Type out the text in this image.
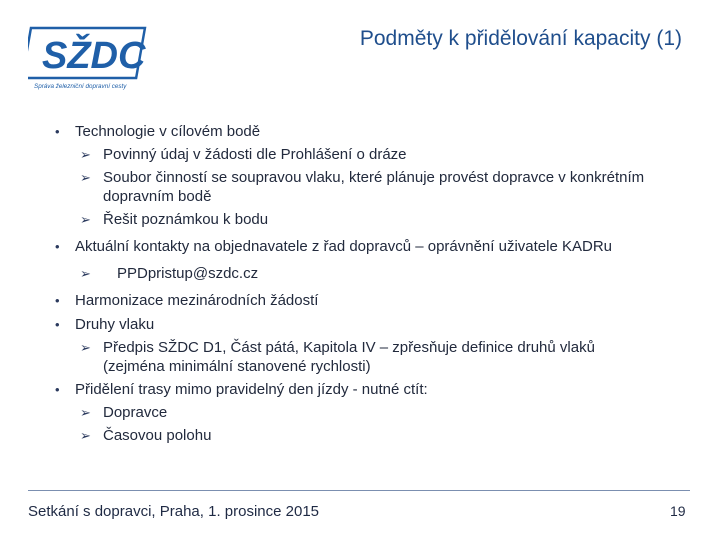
SŽDC
Správa železniční dopravní cesty
Podměty k přidělování kapacity (1)
• Technologie v cílovém bodě
➢ Povinný údaj v žádosti dle Prohlášení o dráze
➢ Soubor činností se soupravou vlaku, které plánuje provést dopravce v konkrétním
dopravním bodě
➢ Řešit poznámkou k bodu
• Aktuální kontakty na objednavatele z řad dopravců – oprávnění uživatele KADRu
➢ PPDpristup@szdc.cz
• Harmonizace mezinárodních žádostí
• Druhy vlaku
➢ Předpis SŽDC D1, Část pátá, Kapitola IV – zpřesňuje definice druhů vlaků
(zejména minimální stanovené rychlosti)
• Přidělení trasy mimo pravidelný den jízdy - nutné ctít:
➢ Dopravce
➢ Časovou polohu
Setkání s dopravci, Praha, 1. prosince 2015	19
